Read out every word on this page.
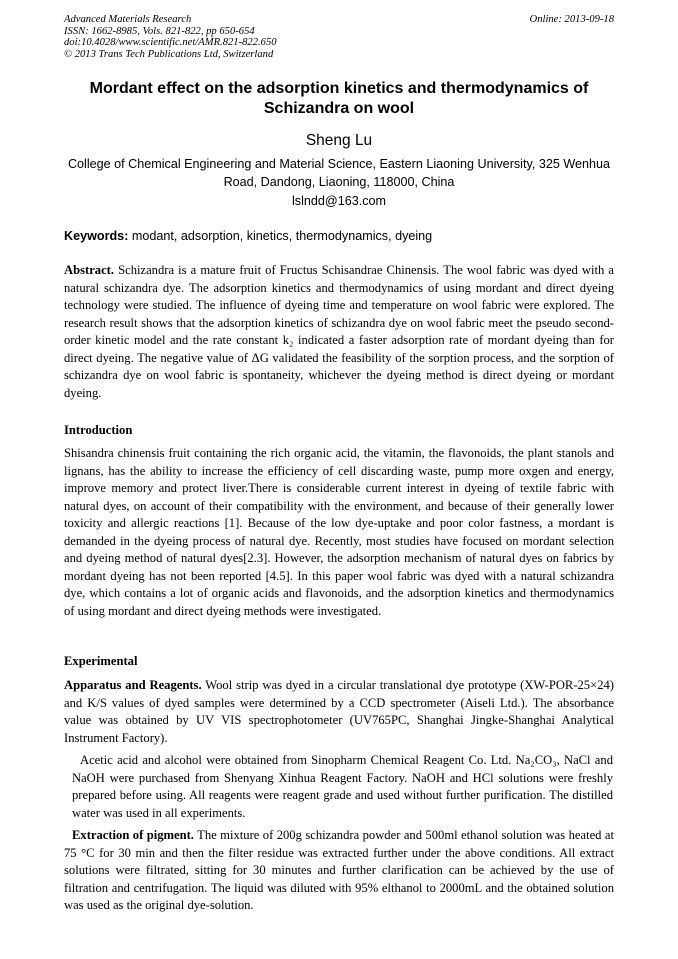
Advanced Materials Research
ISSN: 1662-8985, Vols. 821-822, pp 650-654
doi:10.4028/www.scientific.net/AMR.821-822.650
© 2013 Trans Tech Publications Ltd, Switzerland
Online: 2013-09-18
Mordant effect on the adsorption kinetics and thermodynamics of Schizandra on wool
Sheng Lu
College of Chemical Engineering and Material Science, Eastern Liaoning University, 325 Wenhua Road, Dandong, Liaoning, 118000, China
lslndd@163.com
Keywords: modant, adsorption, kinetics, thermodynamics, dyeing
Abstract. Schizandra is a mature fruit of Fructus Schisandrae Chinensis. The wool fabric was dyed with a natural schizandra dye. The adsorption kinetics and thermodynamics of using mordant and direct dyeing technology were studied. The influence of dyeing time and temperature on wool fabric were explored. The research result shows that the adsorption kinetics of schizandra dye on wool fabric meet the pseudo second-order kinetic model and the rate constant k₂ indicated a faster adsorption rate of mordant dyeing than for direct dyeing. The negative value of ΔG validated the feasibility of the sorption process, and the sorption of schizandra dye on wool fabric is spontaneity, whichever the dyeing method is direct dyeing or mordant dyeing.
Introduction
Shisandra chinensis fruit containing the rich organic acid, the vitamin, the flavonoids, the plant stanols and lignans, has the ability to increase the efficiency of cell discarding waste, pump more oxgen and energy, improve memory and protect liver.There is considerable current interest in dyeing of textile fabric with natural dyes, on account of their compatibility with the environment, and because of their generally lower toxicity and allergic reactions [1]. Because of the low dye-uptake and poor color fastness, a mordant is demanded in the dyeing process of natural dye. Recently, most studies have focused on mordant selection and dyeing method of natural dyes[2.3]. However, the adsorption mechanism of natural dyes on fabrics by mordant dyeing has not been reported [4.5]. In this paper wool fabric was dyed with a natural schizandra dye, which contains a lot of organic acids and flavonoids, and the adsorption kinetics and thermodynamics of using mordant and direct dyeing methods were investigated.
Experimental
Apparatus and Reagents. Wool strip was dyed in a circular translational dye prototype (XW-POR-25×24) and K/S values of dyed samples were determined by a CCD spectrometer (Aiseli Ltd.). The absorbance value was obtained by UV VIS spectrophotometer (UV765PC, Shanghai Jingke-Shanghai Analytical Instrument Factory).
Acetic acid and alcohol were obtained from Sinopharm Chemical Reagent Co. Ltd. Na₂CO₃, NaCl and NaOH were purchased from Shenyang Xinhua Reagent Factory. NaOH and HCl solutions were freshly prepared before using. All reagents were reagent grade and used without further purification. The distilled water was used in all experiments.
Extraction of pigment. The mixture of 200g schizandra powder and 500ml ethanol solution was heated at 75 °C for 30 min and then the filter residue was extracted further under the above conditions. All extract solutions were filtrated, sitting for 30 minutes and further clarification can be achieved by the use of filtration and centrifugation. The liquid was diluted with 95% elthanol to 2000mL and the obtained solution was used as the original dye-solution.
